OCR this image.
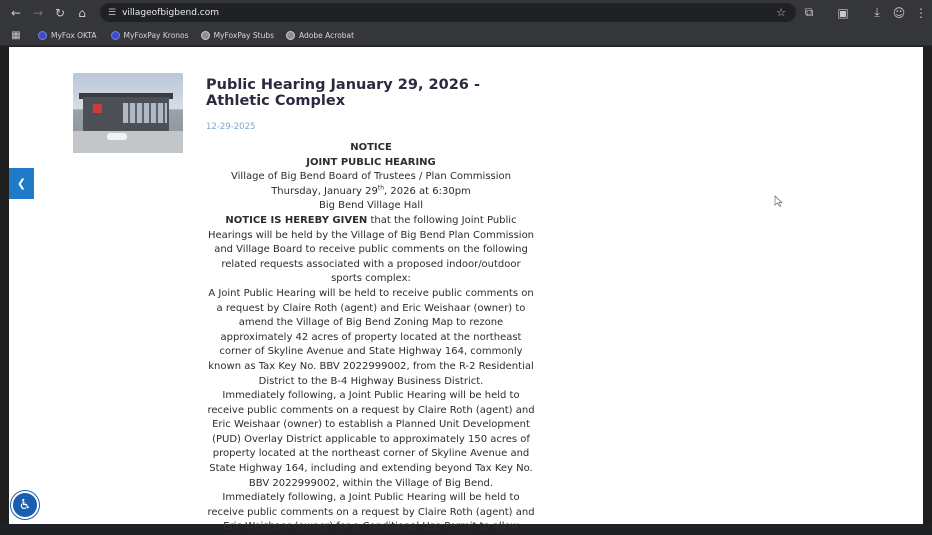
← → ↻	⌂	☰ villageofbigbend.com	☆	⧉	▣	⤓	☺ ⋮
▦	MyFox OKTA	MyFoxPay Kronos	MyFoxPay Stubs	Adobe Acrobat
Public Hearing January 29, 2026 - Athletic Complex
12-29-2025
NOTICE
JOINT PUBLIC HEARING
Village of Big Bend Board of Trustees / Plan Commission
Thursday, January 29th, 2026 at 6:30pm
Big Bend Village Hall
NOTICE IS HEREBY GIVEN that the following Joint Public Hearings will be held by the Village of Big Bend Plan Commission and Village Board to receive public comments on the following related requests associated with a proposed indoor/outdoor sports complex:
A Joint Public Hearing will be held to receive public comments on a request by Claire Roth (agent) and Eric Weishaar (owner) to amend the Village of Big Bend Zoning Map to rezone approximately 42 acres of property located at the northeast corner of Skyline Avenue and State Highway 164, commonly known as Tax Key No. BBV 2022999002, from the R-2 Residential District to the B-4 Highway Business District.
Immediately following, a Joint Public Hearing will be held to receive public comments on a request by Claire Roth (agent) and Eric Weishaar (owner) to establish a Planned Unit Development (PUD) Overlay District applicable to approximately 150 acres of property located at the northeast corner of Skyline Avenue and State Highway 164, including and extending beyond Tax Key No. BBV 2022999002, within the Village of Big Bend.
Immediately following, a Joint Public Hearing will be held to receive public comments on a request by Claire Roth (agent) and Eric Weishaar (owner) for a Conditional Use Permit to allow
❮
♿
